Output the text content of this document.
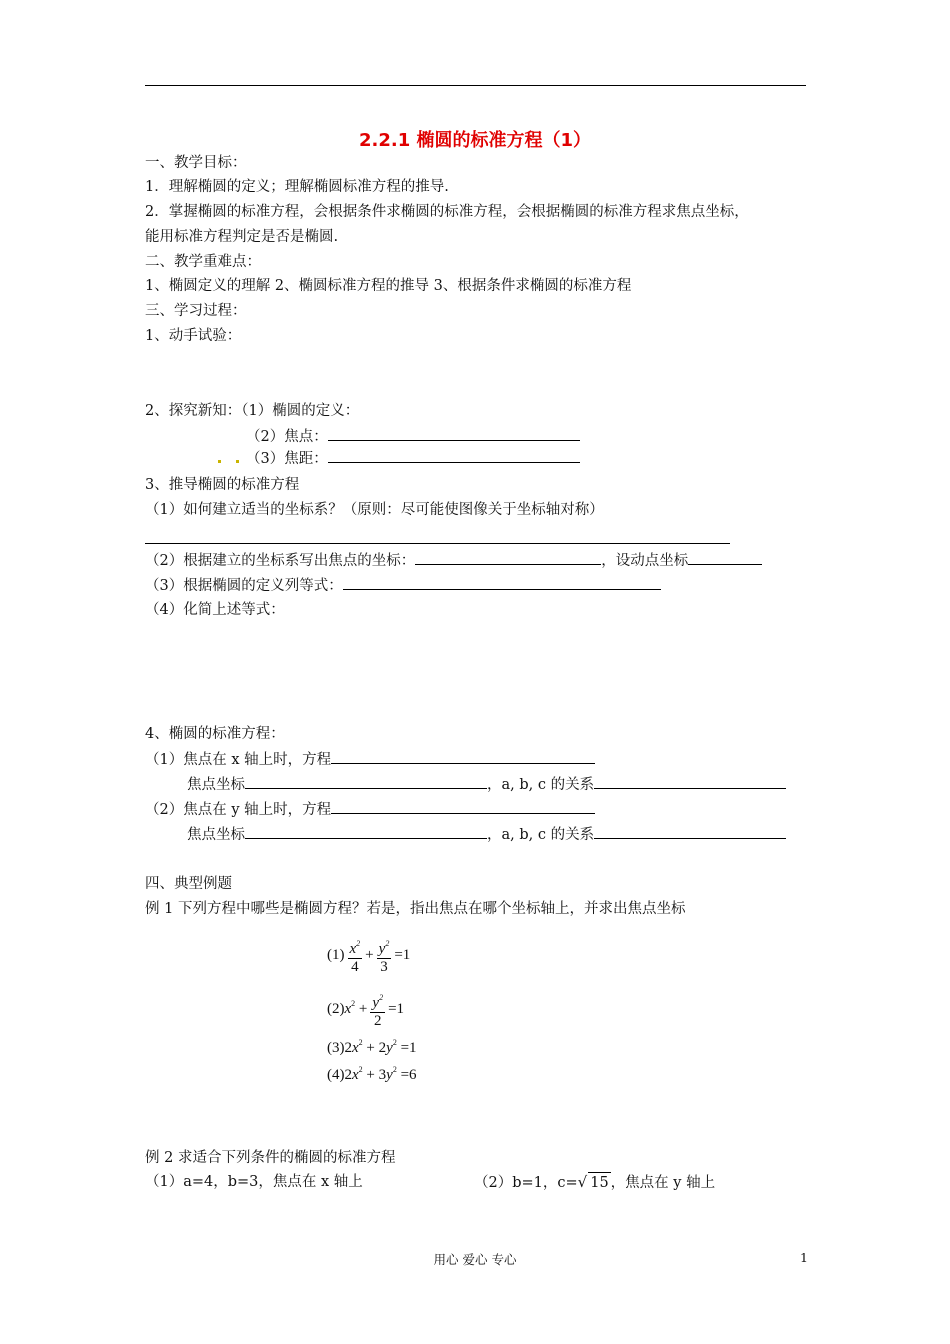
2.2.1 椭圆的标准方程（1）
一、教学目标：
1．理解椭圆的定义；理解椭圆标准方程的推导.
2．掌握椭圆的标准方程，会根据条件求椭圆的标准方程，会根据椭圆的标准方程求焦点坐标，
能用标准方程判定是否是椭圆.
二、教学重难点：
1、椭圆定义的理解 2、椭圆标准方程的推导 3、根据条件求椭圆的标准方程
三、学习过程：
1、动手试验：
2、探究新知：（1）椭圆的定义：
（2）焦点：
（3）焦距：
3、推导椭圆的标准方程
（1）如何建立适当的坐标系？（原则：尽可能使图像关于坐标轴对称）
（2）根据建立的坐标系写出焦点的坐标：	，设动点坐标
（3）根据椭圆的定义列等式：
（4）化简上述等式：
4、椭圆的标准方程：
（1）焦点在 x 轴上时，方程
焦点坐标	，a, b, c 的关系
（2）焦点在 y 轴上时，方程
焦点坐标	，a, b, c 的关系
四、典型例题
例 1 下列方程中哪些是椭圆方程？若是，指出焦点在哪个坐标轴上，并求出焦点坐标
$(1) \frac{x^2}{4} + \frac{y^2}{3} =1$
$(2)x^2 + \frac{y^2}{2} =1$
$(3)2x^2 + 2y^2 =1$
$(4)2x^2 + 3y^2 =6$
例 2 求适合下列条件的椭圆的标准方程
（1）a=4，b=3，焦点在 x 轴上	（2）b=1，c=√ 15 ，焦点在 y 轴上
用心 爱心 专心	1
